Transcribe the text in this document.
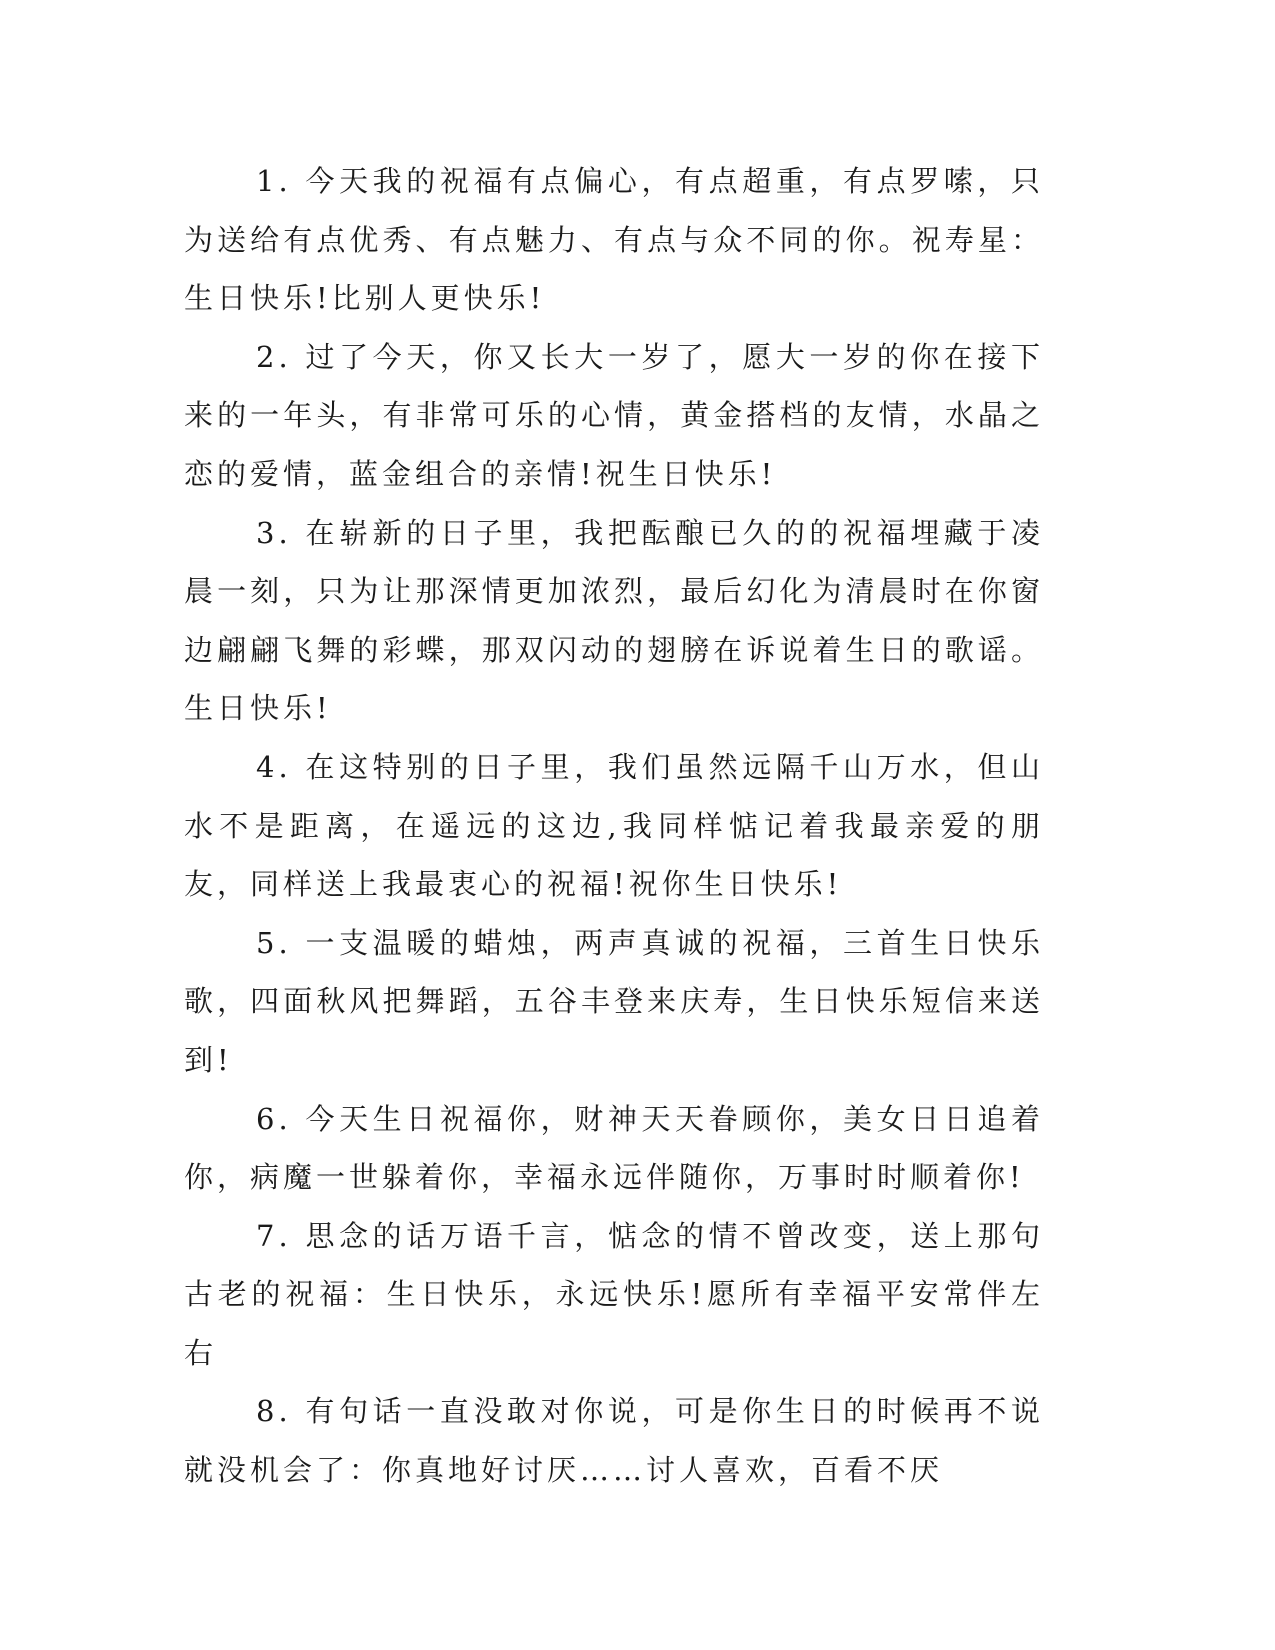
1. 今天我的祝福有点偏心，有点超重，有点罗嗦，只为送给有点优秀、有点魅力、有点与众不同的你。祝寿星：生日快乐!比别人更快乐!

2. 过了今天，你又长大一岁了，愿大一岁的你在接下来的一年头，有非常可乐的心情，黄金搭档的友情，水晶之恋的爱情，蓝金组合的亲情!祝生日快乐!

3. 在崭新的日子里，我把酝酿已久的的祝福埋藏于凌晨一刻，只为让那深情更加浓烈，最后幻化为清晨时在你窗边翩翩飞舞的彩蝶，那双闪动的翅膀在诉说着生日的歌谣。生日快乐!

4. 在这特别的日子里，我们虽然远隔千山万水，但山水不是距离，在遥远的这边,我同样惦记着我最亲爱的朋友，同样送上我最衷心的祝福!祝你生日快乐!

5. 一支温暖的蜡烛，两声真诚的祝福，三首生日快乐歌，四面秋风把舞蹈，五谷丰登来庆寿，生日快乐短信来送到!

6. 今天生日祝福你，财神天天眷顾你，美女日日追着你，病魔一世躲着你，幸福永远伴随你，万事时时顺着你!

7. 思念的话万语千言，惦念的情不曾改变，送上那句古老的祝福：生日快乐，永远快乐!愿所有幸福平安常伴左右

8. 有句话一直没敢对你说，可是你生日的时候再不说就没机会了：你真地好讨厌……讨人喜欢，百看不厌
